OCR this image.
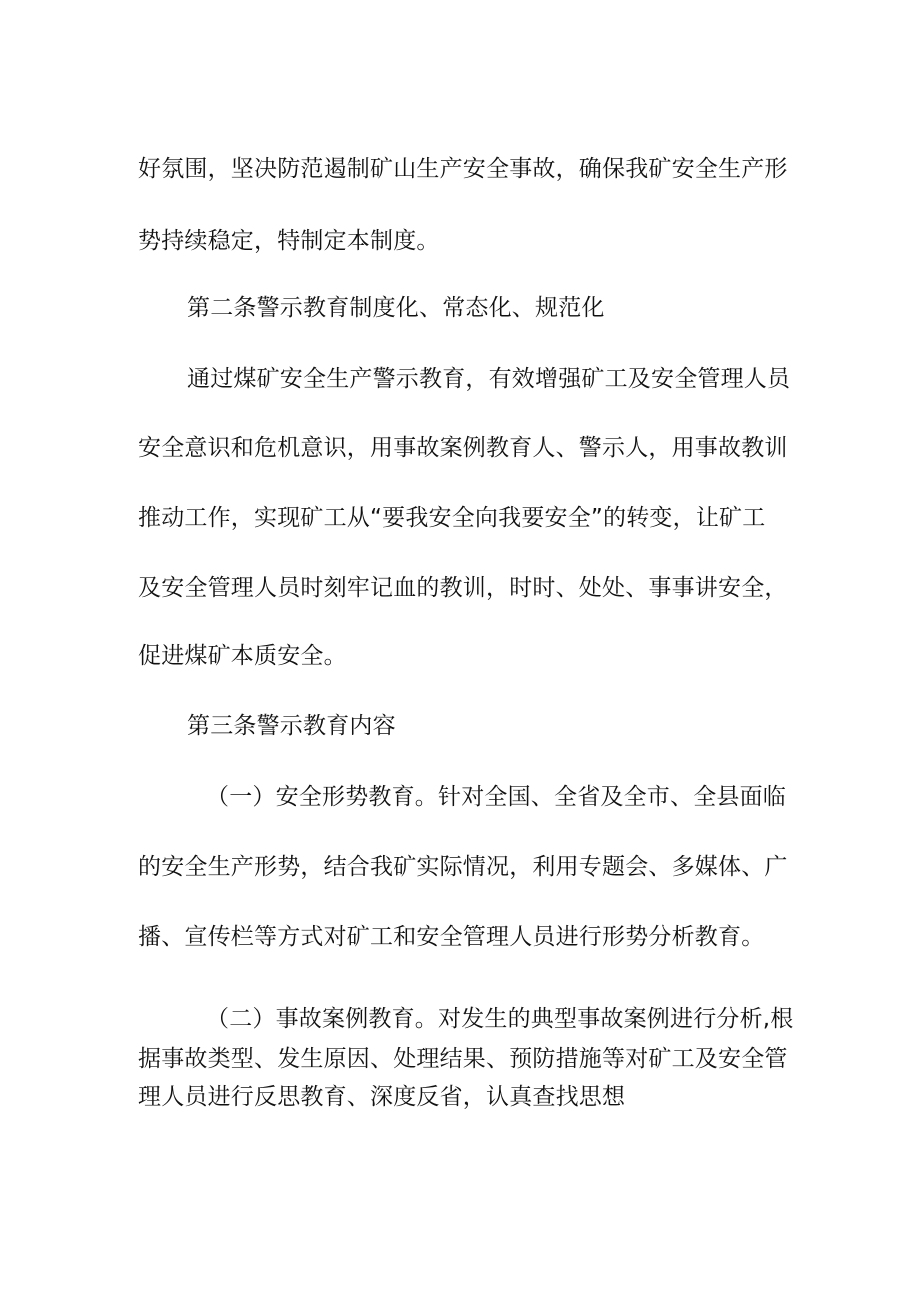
好氛围，坚决防范遏制矿山生产安全事故，确保我矿安全生产形
势持续稳定，特制定本制度。
第二条警示教育制度化、常态化、规范化
通过煤矿安全生产警示教育，有效增强矿工及安全管理人员
安全意识和危机意识，用事故案例教育人、警示人，用事故教训
推动工作，实现矿工从“要我安全向我要安全”的转变，让矿工
及安全管理人员时刻牢记血的教训，时时、处处、事事讲安全，
促进煤矿本质安全。
第三条警示教育内容
（一）安全形势教育。针对全国、全省及全市、全县面临
的安全生产形势，结合我矿实际情况，利用专题会、多媒体、广
播、宣传栏等方式对矿工和安全管理人员进行形势分析教育。
（二）事故案例教育。对发生的典型事故案例进行分析,根
据事故类型、发生原因、处理结果、预防措施等对矿工及安全管
理人员进行反思教育、深度反省，认真查找思想
